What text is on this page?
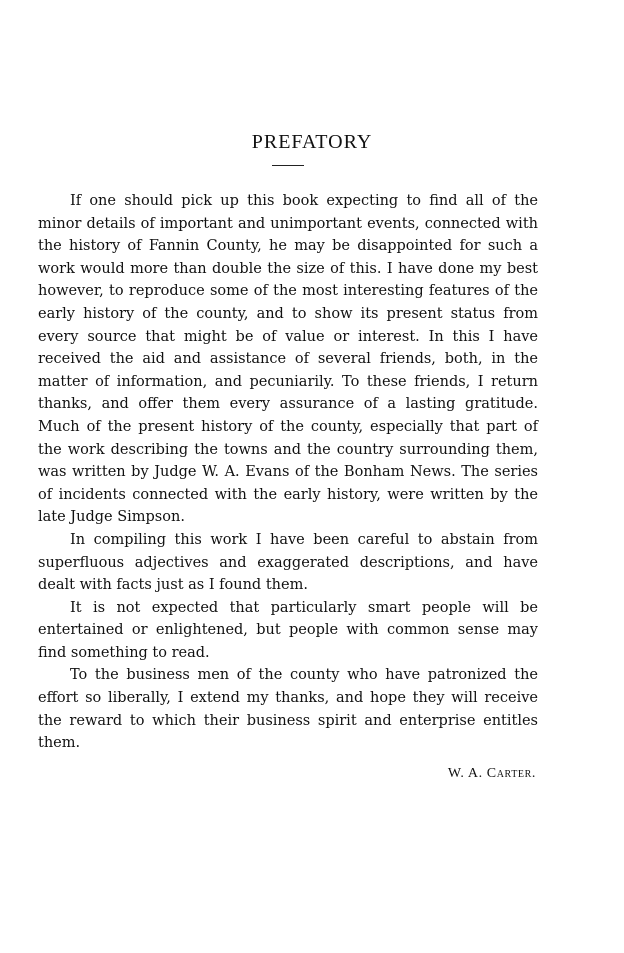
PREFATORY

If one should pick up this book expecting to find all of the minor details of important and unimportant events, connected with the history of Fannin County, he may be disappointed for such a work would more than double the size of this. I have done my best however, to reproduce some of the most interesting features of the early history of the county, and to show its present status from every source that might be of value or interest. In this I have received the aid and assistance of several friends, both, in the matter of information, and pecuniarily. To these friends, I return thanks, and offer them every assurance of a lasting gratitude. Much of the present history of the county, especially that part of the work describing the towns and the country surrounding them, was written by Judge W. A. Evans of the Bonham News. The series of incidents connected with the early history, were written by the late Judge Simpson.

In compiling this work I have been careful to abstain from superfluous adjectives and exaggerated descriptions, and have dealt with facts just as I found them.

It is not expected that particularly smart people will be entertained or enlightened, but people with common sense may find something to read.

To the business men of the county who have patronized the effort so liberally, I extend my thanks, and hope they will receive the reward to which their business spirit and enterprise entitles them.

W. A. Carter.
